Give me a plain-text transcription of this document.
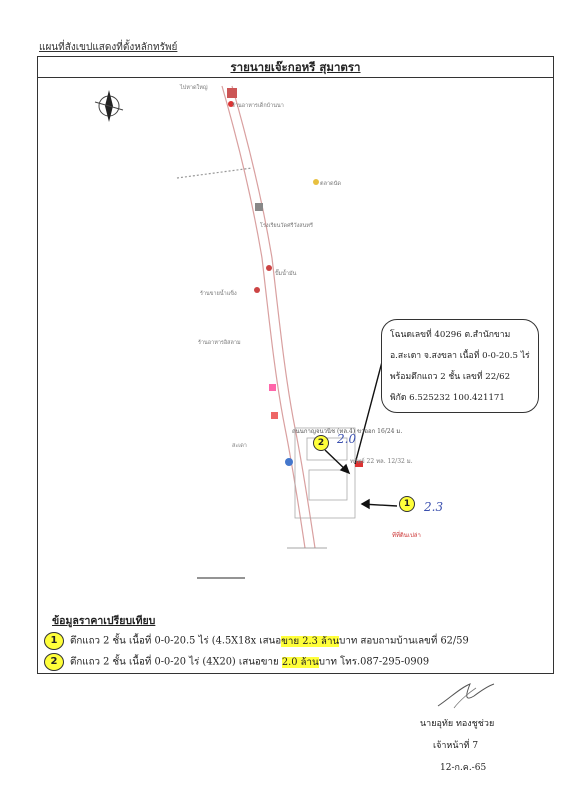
แผนที่สังเขปแสดงที่ตั้งหลักทรัพย์
รายนายเจ๊ะกอหรี สุมาตรา
ไปหาดใหญ่
ร้านอาหารเด็กบ้านนา
ตลาดนัด
โรงเรียนวัดศรีวังสนทรี
ปั๊มน้ำมัน
ร้านอาหารอิสลาม
ร้านขายน้ำแข็ง
สะเดา
ถนนกาญจนวนิช (ทล.4) ขาออก 16/24 ม.
ทรัพย์ 22 ทล. 12/32 ม.
ทีที่ดินเปล่า
2	2.0
1	2.3
โฉนดเลขที่ 40296 ต.สำนักขาม
อ.สะเดา จ.สงขลา เนื้อที่ 0-0-20.5 ไร่
พร้อมตึกแถว 2 ชั้น เลขที่ 22/62
พิกัด 6.525232 100.421171
ข้อมูลราคาเปรียบเทียบ
1 ตึกแถว 2 ชั้น เนื้อที่ 0-0-20.5 ไร่ (4.5X18x เสนอขาย 2.3 ล้านบาท สอบถามบ้านเลขที่ 62/59
2 ตึกแถว 2 ชั้น เนื้อที่ 0-0-20 ไร่ (4X20) เสนอขาย 2.0 ล้านบาท โทร.087-295-0909
นายอุทัย ทองชูช่วย
เจ้าหน้าที่ 7
12-ก.ค.-65
